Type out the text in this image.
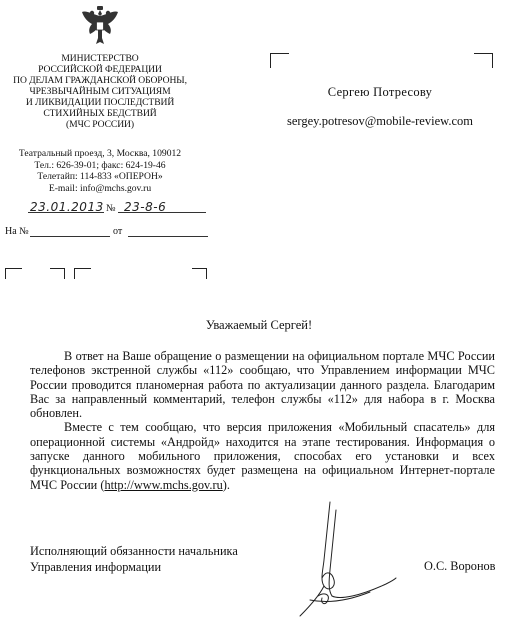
МИНИСТЕРСТВО
РОССИЙСКОЙ ФЕДЕРАЦИИ
ПО ДЕЛАМ ГРАЖДАНСКОЙ ОБОРОНЫ,
ЧРЕЗВЫЧАЙНЫМ СИТУАЦИЯМ
И ЛИКВИДАЦИИ ПОСЛЕДСТВИЙ
СТИХИЙНЫХ БЕДСТВИЙ
(МЧС РОССИИ)
Театральный проезд, 3, Москва, 109012
Тел.: 626-39-01; факс: 624-19-46
Телетайп: 114-833 «ОПЕРОН»
E-mail: info@mchs.gov.ru
23.01.2013 № 23-8-6
На №	от
Сергею Потресову
sergey.potresov@mobile-review.com
Уважаемый Сергей!

В ответ на Ваше обращение о размещении на официальном портале МЧС России телефонов экстренной службы «112» сообщаю, что Управлением информации МЧС России проводится планомерная работа по актуализации данного раздела. Благодарим Вас за направленный комментарий, телефон службы «112» для набора в г. Москва обновлен.

Вместе с тем сообщаю, что версия приложения «Мобильный спасатель» для операционной системы «Андройд» находится на этапе тестирования. Информация о запуске данного мобильного приложения, способах его установки и всех функциональных возможностях будет размещена на официальном Интернет-портале МЧС России (http://www.mchs.gov.ru).

Исполняющий обязанности начальника
Управления информации	О.С. Воронов
